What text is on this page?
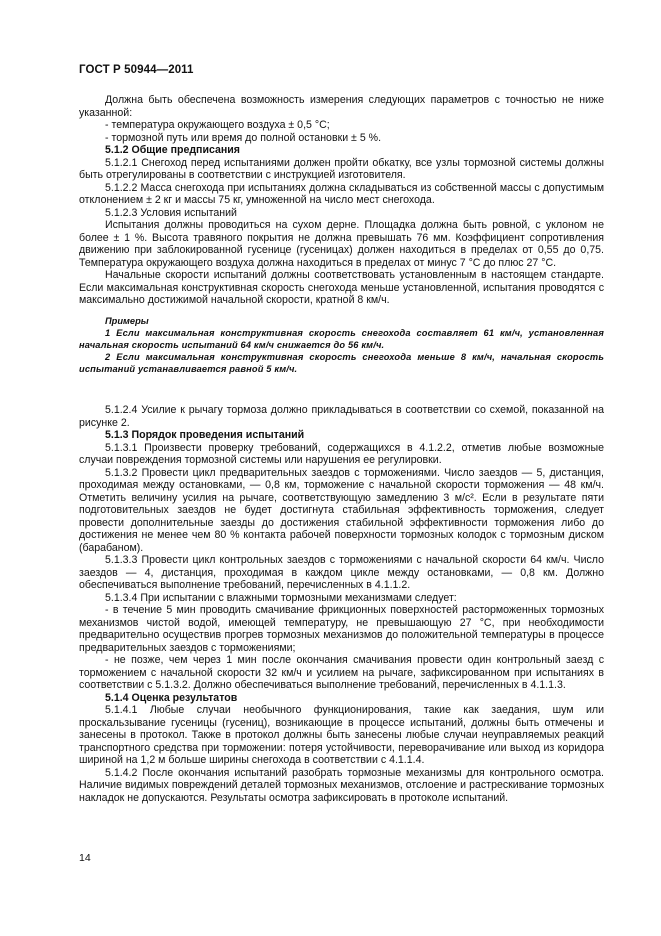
ГОСТ Р 50944—2011

Должна быть обеспечена возможность измерения следующих параметров с точностью не ниже указанной:

- температура окружающего воздуха ± 0,5 °С;

- тормозной путь или время до полной остановки ± 5 %.

5.1.2 Общие предписания

5.1.2.1 Снегоход перед испытаниями должен пройти обкатку, все узлы тормозной системы должны быть отрегулированы в соответствии с инструкцией изготовителя.

5.1.2.2 Масса снегохода при испытаниях должна складываться из собственной массы с допустимым отклонением ± 2 кг и массы 75 кг, умноженной на число мест снегохода.

5.1.2.3 Условия испытаний

Испытания должны проводиться на сухом дерне. Площадка должна быть ровной, с уклоном не более ± 1 %. Высота травяного покрытия не должна превышать 76 мм. Коэффициент сопротивления движению при заблокированной гусенице (гусеницах) должен находиться в пределах от 0,55 до 0,75. Температура окружающего воздуха должна находиться в пределах от минус 7 °С до плюс 27 °С.

Начальные скорости испытаний должны соответствовать установленным в настоящем стандарте. Если максимальная конструктивная скорость снегохода меньше установленной, испытания проводятся с максимально достижимой начальной скорости, кратной 8 км/ч.

Примеры

1 Если максимальная конструктивная скорость снегохода составляет 61 км/ч, установленная начальная скорость испытаний 64 км/ч снижается до 56 км/ч.

2 Если максимальная конструктивная скорость снегохода меньше 8 км/ч, начальная скорость испытаний устанавливается равной 5 км/ч.

5.1.2.4 Усилие к рычагу тормоза должно прикладываться в соответствии со схемой, показанной на рисунке 2.

5.1.3 Порядок проведения испытаний

5.1.3.1 Произвести проверку требований, содержащихся в 4.1.2.2, отметив любые возможные случаи повреждения тормозной системы или нарушения ее регулировки.

5.1.3.2 Провести цикл предварительных заездов с торможениями. Число заездов — 5, дистанция, проходимая между остановками, — 0,8 км, торможение с начальной скорости торможения — 48 км/ч. Отметить величину усилия на рычаге, соответствующую замедлению 3 м/с². Если в результате пяти подготовительных заездов не будет достигнута стабильная эффективность торможения, следует провести дополнительные заезды до достижения стабильной эффективности торможения либо до достижения не менее чем 80 % контакта рабочей поверхности тормозных колодок с тормозным диском (барабаном).

5.1.3.3 Провести цикл контрольных заездов с торможениями с начальной скорости 64 км/ч. Число заездов — 4, дистанция, проходимая в каждом цикле между остановками, — 0,8 км. Должно обеспечиваться выполнение требований, перечисленных в 4.1.1.2.

5.1.3.4 При испытании с влажными тормозными механизмами следует:

- в течение 5 мин проводить смачивание фрикционных поверхностей расторможенных тормозных механизмов чистой водой, имеющей температуру, не превышающую 27 °С, при необходимости предварительно осуществив прогрев тормозных механизмов до положительной температуры в процессе предварительных заездов с торможениями;

- не позже, чем через 1 мин после окончания смачивания провести один контрольный заезд с торможением с начальной скорости 32 км/ч и усилием на рычаге, зафиксированном при испытаниях в соответствии с 5.1.3.2. Должно обеспечиваться выполнение требований, перечисленных в 4.1.1.3.

5.1.4 Оценка результатов

5.1.4.1 Любые случаи необычного функционирования, такие как заедания, шум или проскальзывание гусеницы (гусениц), возникающие в процессе испытаний, должны быть отмечены и занесены в протокол. Также в протокол должны быть занесены любые случаи неуправляемых реакций транспортного средства при торможении: потеря устойчивости, переворачивание или выход из коридора шириной на 1,2 м больше ширины снегохода в соответствии с 4.1.1.4.

5.1.4.2 После окончания испытаний разобрать тормозные механизмы для контрольного осмотра. Наличие видимых повреждений деталей тормозных механизмов, отслоение и растрескивание тормозных накладок не допускаются. Результаты осмотра зафиксировать в протоколе испытаний.

14
